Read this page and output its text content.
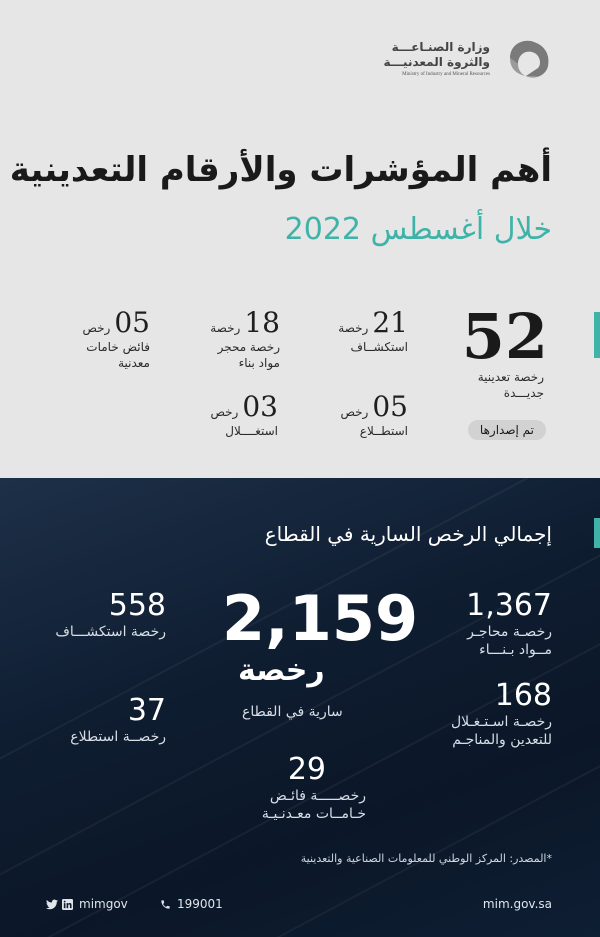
وزارة الصنـاعـــة
والثروة المعدنيـــة
Ministry of Industry and Mineral Resources
أهم المؤشرات والأرقام التعدينية
خلال أغسطس 2022
52
رخصة تعدينية
جديـــدة
تم إصدارها
رخصة 21
استكشــاف
رخصة 18
رخصة محجر
مواد بناء
رخص 05
فائض خامات
معدنية
رخص 05
استطــلاع
رخص 03
استغــــلال
إجمالي الرخص السارية في القطاع
2,159
رخصة
سارية في القطاع
1,367
رخصـة محاجـر
مــواد بـنـــاء
558
رخصة استكشـــاف
168
رخصـة اسـتـغـلال
للتعدين والمناجـم
37
رخصــة استطلاع
29
رخصـــــة فائـض
خـامــات معـدنـيـة
*المصدر: المركز الوطني للمعلومات الصناعية والتعدينية
mimgov	199001	mim.gov.sa
